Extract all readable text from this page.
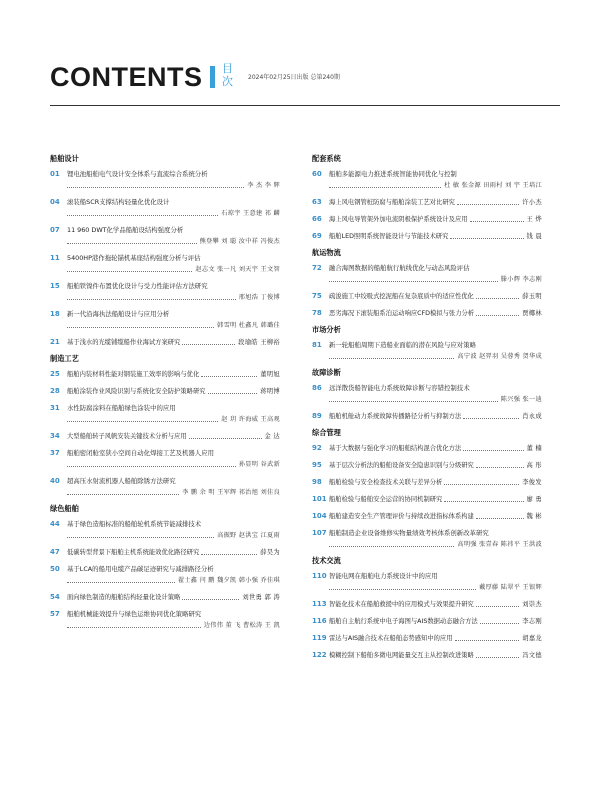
CONTENTS 目次	2024年02月25日出版 总第240期
船舶设计
01 锂电池船舶电气设计安全体系与直流综合系统分析
李 杰 李 辉
04 滚装船SCR支撑结构轻量化优化设计
石琼宇 王意建 祁 麟
07 11 960 DWT化学品船舶设结构强度分析
熊登攀 刘 聪 汝中祥 冯俊杰
11 5400HP港作拖轮锚机基座结构强度分析与评估
赵志文 张一凡 刘天宇 王文智
15 船舶铁镍件布置优化设计与受力性能评估方法研究
邢旭浩 丁俊博
18 新一代沿海执法船舶设计与应用分析
韩雪明 杜鑫凡 韩璐佳
21 基于浅水的光缆铺缆船作业海试方案研究	段瑜皓 王柳裕
制造工艺
25 船舶内装材料性能对钢装施工效率的影响与优化	董明旭
28 船舶涂装作业风险识别与系统化安全防护策略研究	蒋明博
31 水性防腐涂料在船舶绿色涂装中的应用
赵 玥 许海威 王高观
34 大型船舶转子风帆安装关键技术分析与应用	金 达
37 船舶密闭舱室狭小空间自动化焊接工艺及机器人应用
孙显明 谷武新
40 超高压水射流机器人船舶除锈方法研究
李 鹏 余 明 王军辉 祁治旭 刘佳良
绿色船舶
44 基于绿色造船标准的船舶轮机系统节能减排技术
高振野 赵洪宝 江夏雨
47 低碳转型背景下船舶主机系统能效优化路径研究	薛昊为
50 基于LCA的船用电缆产品碳足迹研究与减排路径分析
翟士鑫 闫 鹏 魏夕凯 韩小强 乔佳琪
54 面向绿色制造的船舶结构轻量化设计策略	刘世勇 郭 涛
57 船舶机械能效提升与绿色运维协同优化策略研究
边伟伟 董 飞 曹松涛 王 凯
配套系统
60 船舶多能源电力推进系统智能协同优化与控制
杜 敏 张金源 田雨村 刘 宇 王培江
63 海上风电钢管桩防腐与船舶涂装工艺对比研究	许小杰
66 海上风电导管架外加电流阴极保护系统设计及应用	王 烨
69 船舶LED照明系统智能设计与节能技术研究	钱 晨
航运物流
72 融合海图数据的船舶航行航线优化与动态风险评估
滕小辉 李志刚
75 疏浚施工中绞吸式挖泥船在复杂底质中的适应性优化	薛玉明
78 恶劣海况下滚装船系泊运动响应CFD模拟与张力分析	贾椰林
市场分析
81 新一轮船舶周期下造船业面临的潜在风险与应对策略
高宁波 赵羿羽 吴蓉秀 贺华成
故障诊断
86 远洋散货船智能电力系统故障诊断与容错控制技术
陈兴强 张一迪
89 船舶机舱动力系统故障传播路径分析与抑制方法	肖永成
综合管理
92 基于大数据与强化学习的船舶结构混合优化方法	董 楠
95 基于层次分析法的船舶设备安全隐患识别与分级研究	高 彤
98 船舶检验与安全检查技术关联与差异分析	李俊发
101 船舶检验与船舶安全运营的协同机制研究	廖 勇
104 船舶建造安全生产管理评价与持续改进指标体系构建	魏 彬
107 船舶制造企业设备维修实物量绩效考核体系创新改革研究
高明强 张壹春 陈祎平 王洪波
技术交流
110 智能电网在船舶电力系统设计中的应用
戴厚藤 陆翠平 王银辉
113 智能化技术在船舶救援中的应用模式与效果提升研究	刘崇杰
116 船舶自主航行系统中电子海图与AIS数据动态融合方法	李志刚
119 雷达与AIS融合技术在船舶态势感知中的应用	胡嘉龙
122 模糊控制下船舶多微电网能量交互主从控制改进策略	冯文德
